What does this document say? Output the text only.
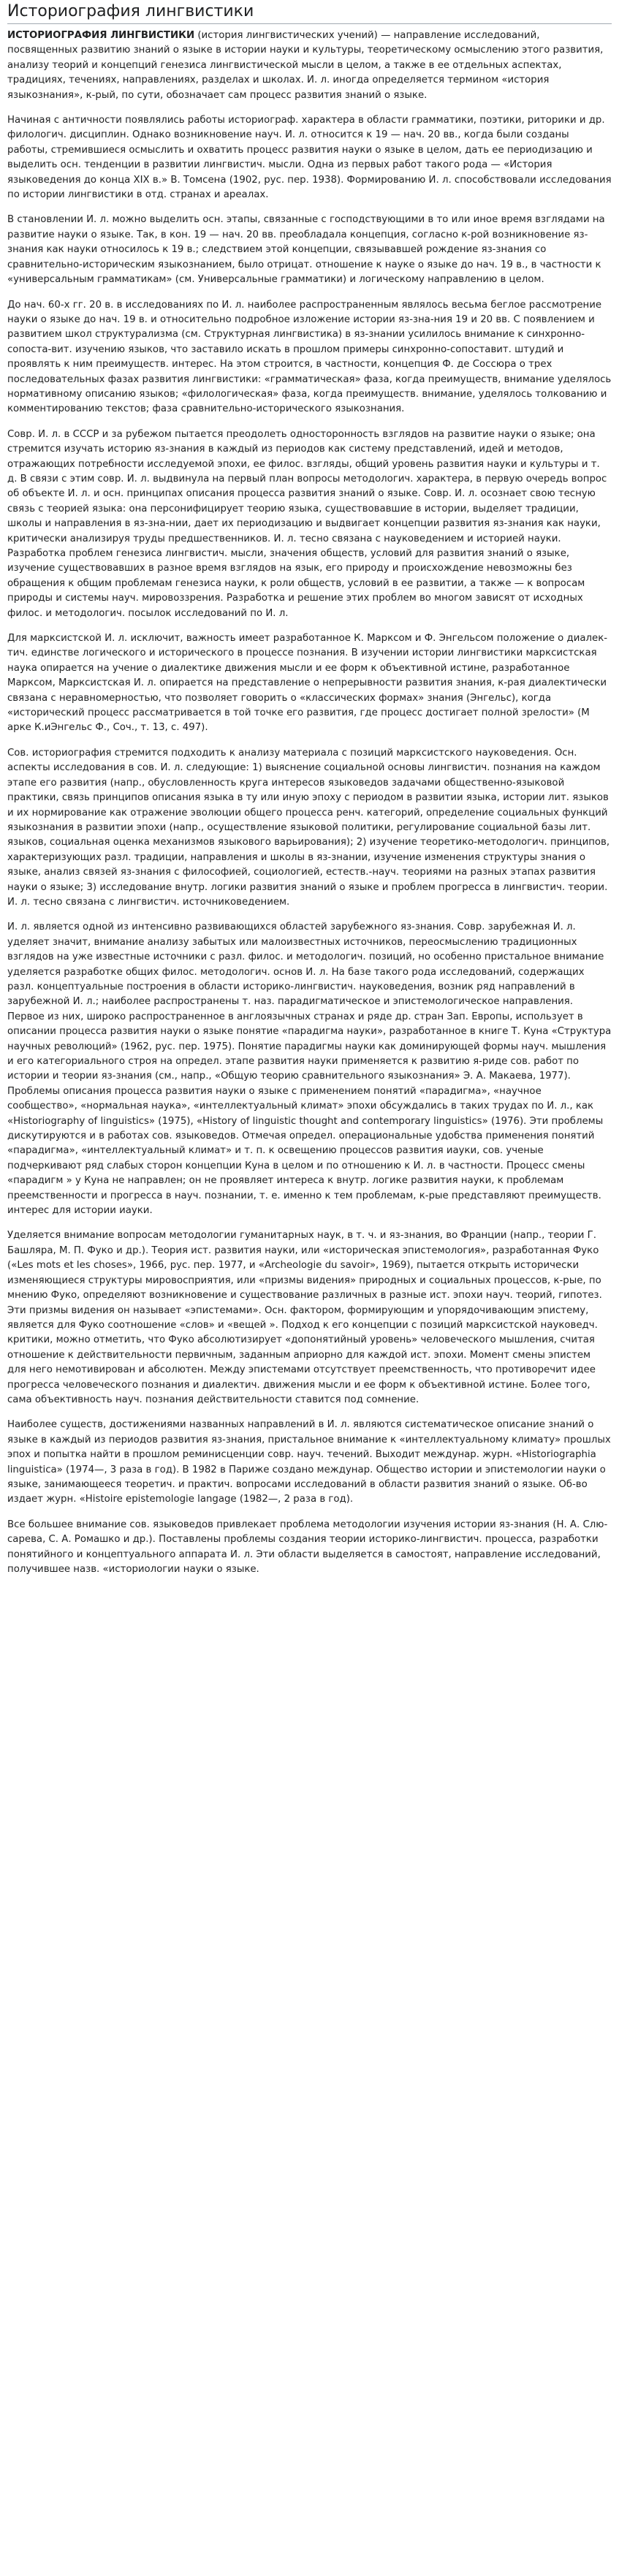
Историография лингвистики

ИСТОРИОГРАФИЯ ЛИНГВИСТИКИ (история лингвистических учений) — направление исследований, посвященных развитию знаний о языке в истории науки и культуры, теоретическому осмыслению этого развития, анализу теорий и концепций генезиса лингвистической мысли в целом, а также в ее отдельных аспектах, традициях, течениях, направлениях, разделах и школах. И. л. иногда определяется термином «история языкознания», к-рый, по сути, обозначает сам процесс развития знаний о языке.

Начиная с античности появлялись работы историограф. характера в области грамматики, поэтики, риторики и др. филологич. дисциплин. Однако возникновение науч. И. л. относится к 19 — нач. 20 вв., когда были созданы работы, стремившиеся осмыслить и охватить процесс развития науки о языке в целом, дать ее периодизацию и выделить осн. тенденции в развитии лингвистич. мысли. Одна из первых работ такого рода — «История языковедения до конца XIX в.» В. Томсена (1902, рус. пер. 1938). Формированию И. л. способствовали исследования по истории лингвистики в отд. странах и ареалах.

В становлении И. л. можно выделить осн. этапы, связанные с господствующими в то или иное время взглядами на развитие науки о языке. Так, в кон. 19 — нач. 20 вв. преобладала концепция, согласно к-рой возникновение яз-знания как науки относилось к 19 в.; следствием этой концепции, связывавшей рождение яз-знания со сравнительно-историческим языкознанием, было отрицат. отношение к науке о языке до нач. 19 в., в частности к «универсальным грамматикам» (см. Универсальные грамматики) и логическому направлению в целом.

До нач. 60-х гг. 20 в. в исследованиях по И. л. наиболее распространенным являлось весьма беглое рассмотрение науки о языке до нач. 19 в. и относительно подробное изложение истории яз-зна-ния 19 и 20 вв. С появлением и развитием школ структурализма (см. Структурная лингвистика) в яз-знании усилилось внимание к синхронно-сопоста-вит. изучению языков, что заставило искать в прошлом примеры синхронно-сопоставит. штудий и проявлять к ним преимуществ. интерес. На этом строится, в частности, концепция Ф. де Соссюра о трех последовательных фазах развития лингвистики: «грамматическая» фаза, когда преимуществ, внимание уделялось нормативному описанию языков; «филологическая» фаза, когда преимуществ. внимание, уделялось толкованию и комментированию текстов; фаза сравнительно-исторического языкознания.

Совр. И. л. в СССР и за рубежом пытается преодолеть односторонность взглядов на развитие науки о языке; она стремится изучать историю яз-знания в каждый из периодов как систему представлений, идей и методов, отражающих потребности исследуемой эпохи, ее филос. взгляды, общий уровень развития науки и культуры и т. д. В связи с этим совр. И. л. выдвинула на первый план вопросы методологич. характера, в первую очередь вопрос об объекте И. л. и осн. принципах описания процесса развития знаний о языке. Совр. И. л. осознает свою тесную связь с теорией языка: она персонифицирует теорию языка, существовавшие в истории, выделяет традиции, школы и направления в яз-зна-нии, дает их периодизацию и выдвигает концепции развития яз-знания как науки, критически анализируя труды предшественников. И. л. тесно связана с науковедением и историей науки. Разработка проблем генезиса лингвистич. мысли, значения обществ, условий для развития знаний о языке, изучение существовавших в разное время взглядов на язык, его природу и происхождение невозможны без обращения к общим проблемам генезиса науки, к роли обществ, условий в ее развитии, а также — к вопросам природы и системы науч. мировоззрения. Разработка и решение этих проблем во многом зависят от исходных филос. и методологич. посылок исследований по И. л.

Для марксистской И. л. исключит, важность имеет разработанное К. Марксом и Ф. Энгельсом положение о диалек-тич. единстве логического и исторического в процессе познания. В изучении истории лингвистики марксистская наука опирается на учение о диалектике движения мысли и ее форм к объективной истине, разработанное Марксом, Марксистская И. л. опирается на представление о непрерывности развития знания, к-рая диалектически связана с неравномерностью, что позволяет говорить о «классических формах» знания (Энгельс), когда «исторический процесс рассматривается в той точке его развития, где процесс достигает полной зрелости» (М арке К.иЭнгельс Ф., Соч., т. 13, с. 497).

Сов. историография стремится подходить к анализу материала с позиций марксистского науковедения. Осн. аспекты исследования в сов. И. л. следующие: 1) выяснение социальной основы лингвистич. познания на каждом этапе его развития (напр., обусловленность круга интересов языковедов задачами общественно-языковой практики, связь принципов описания языка в ту или иную эпоху с периодом в развитии языка, истории лит. языков и их нормирование как отражение эволюции общего процесса ренч. категорий, определение социальных функций языкознания в развитии эпохи (напр., осуществление языковой политики, регулирование социальной базы лит. языков, социальная оценка механизмов языкового варьирования); 2) изучение теоретико-методологич. принципов, характеризующих разл. традиции, направления и школы в яз-знании, изучение изменения структуры знания о языке, анализ связей яз-знания с философией, социологией, естеств.-науч. теориями на разных этапах развития науки о языке; 3) исследование внутр. логики развития знаний о языке и проблем прогресса в лингвистич. теории. И. л. тесно связана с лингвистич. источниковедением.

И. л. является одной из интенсивно развивающихся областей зарубежного яз-знания. Совр. зарубежная И. л. уделяет значит, внимание анализу забытых или малоизвестных источников, переосмыслению традиционных взглядов на уже известные источники с разл. филос. и методологич. позиций, но особенно пристальное внимание уделяется разработке общих филос. методологич. основ И. л. На базе такого рода исследований, содержащих разл. концептуальные построения в области историко-лингвистич. науковедения, возник ряд направлений в зарубежной И. л.; наиболее распространены т. наз. парадигматическое и эпистемологическое направления. Первое из них, широко распространенное в англоязычных странах и ряде др. стран Зап. Европы, использует в описании процесса развития науки о языке понятие «парадигма науки», разработанное в книге Т. Куна «Структура научных революций» (1962, рус. пер. 1975). Понятие парадигмы науки как доминирующей формы науч. мышления и его категориального строя на определ. этапе развития науки применяется к развитию я-риде сов. работ по истории и теории яз-знания (см., напр., «Общую теорию сравнительного языкознания» Э. А. Макаева, 1977). Проблемы описания процесса развития науки о языке с применением понятий «парадигма», «научное сообщество», «нормальная наука», «интеллектуальный климат» эпохи обсуждались в таких трудах по И. л., как «Historiography of linguistics» (1975), «History of linguistic thought and contemporary linguistics» (1976). Эти проблемы дискутируются и в работах сов. языковедов. Отмечая определ. операциональные удобства применения понятий «парадигма», «интеллектуальный климат» и т. п. к освещению процессов развития иауки, сов. ученые подчеркивают ряд слабых сторон концепции Куна в целом и по отношению к И. л. в частности. Процесс смены «парадигм » у Куна не направлен; он не проявляет интереса к внутр. логике развития науки, к проблемам преемственности и прогресса в науч. познании, т. е. именно к тем проблемам, к-рые представляют преимуществ. интерес для истории иауки.

Уделяется внимание вопросам методологии гуманитарных наук, в т. ч. и яз-знания, во Франции (напр., теории Г. Башляра, М. П. Фуко и др.). Теория ист. развития науки, или «историческая эпистемология», разработанная Фуко («Les mots et les choses», 1966, рус. пер. 1977, и «Archeologie du savoir», 1969), пытается открыть исторически изменяющиеся структуры мировосприятия, или «призмы видения» природных и социальных процессов, к-рые, по мнению Фуко, определяют возникновение и существование различных в разные ист. эпохи науч. теорий, гипотез. Эти призмы видения он называет «эпистемами». Осн. фактором, формирующим и упорядочивающим эпистему, является для Фуко соотношение «слов» и «вещей ». Подход к его концепции с позиций марксистской науковедч. критики, можно отметить, что Фуко абсолютизирует «допонятийный уровень» человеческого мышления, считая отношение к действительности первичным, заданным априорно для каждой ист. эпохи. Момент смены эпистем для него немотивирован и абсолютен. Между эпистемами отсутствует преемственность, что противоречит идее прогресса человеческого познания и диалектич. движения мысли и ее форм к объективной истине. Более того, сама объективность науч. познания действительности ставится под сомнение.

Наиболее существ, достижениями названных направлений в И. л. являются систематическое описание знаний о языке в каждый из периодов развития яз-знания, пристальное внимание к «интеллектуальному климату» прошлых эпох и попытка найти в прошлом реминисценции совр. науч. течений. Выходит междунар. журн. «Historiographia linguistica» (1974—, 3 раза в год). В 1982 в Париже создано междунар. Общество истории и эпистемологии науки о языке, занимающееся теоретич. и практич. вопросами исследований в области развития знаний о языке. Об-во издает журн. «Histoire epistemologie langage (1982—, 2 раза в год).

Все большее внимание сов. языковедов привлекает проблема методологии изучения истории яз-знания (Н. А. Слю-сарева, С. А. Ромашко и др.). Поставлены проблемы создания теории историко-лингвистич. процесса, разработки понятийного и концептуального аппарата И. л. Эти области выделяется в самостоят, направление исследований, получившее назв. «историологии науки о языке.
